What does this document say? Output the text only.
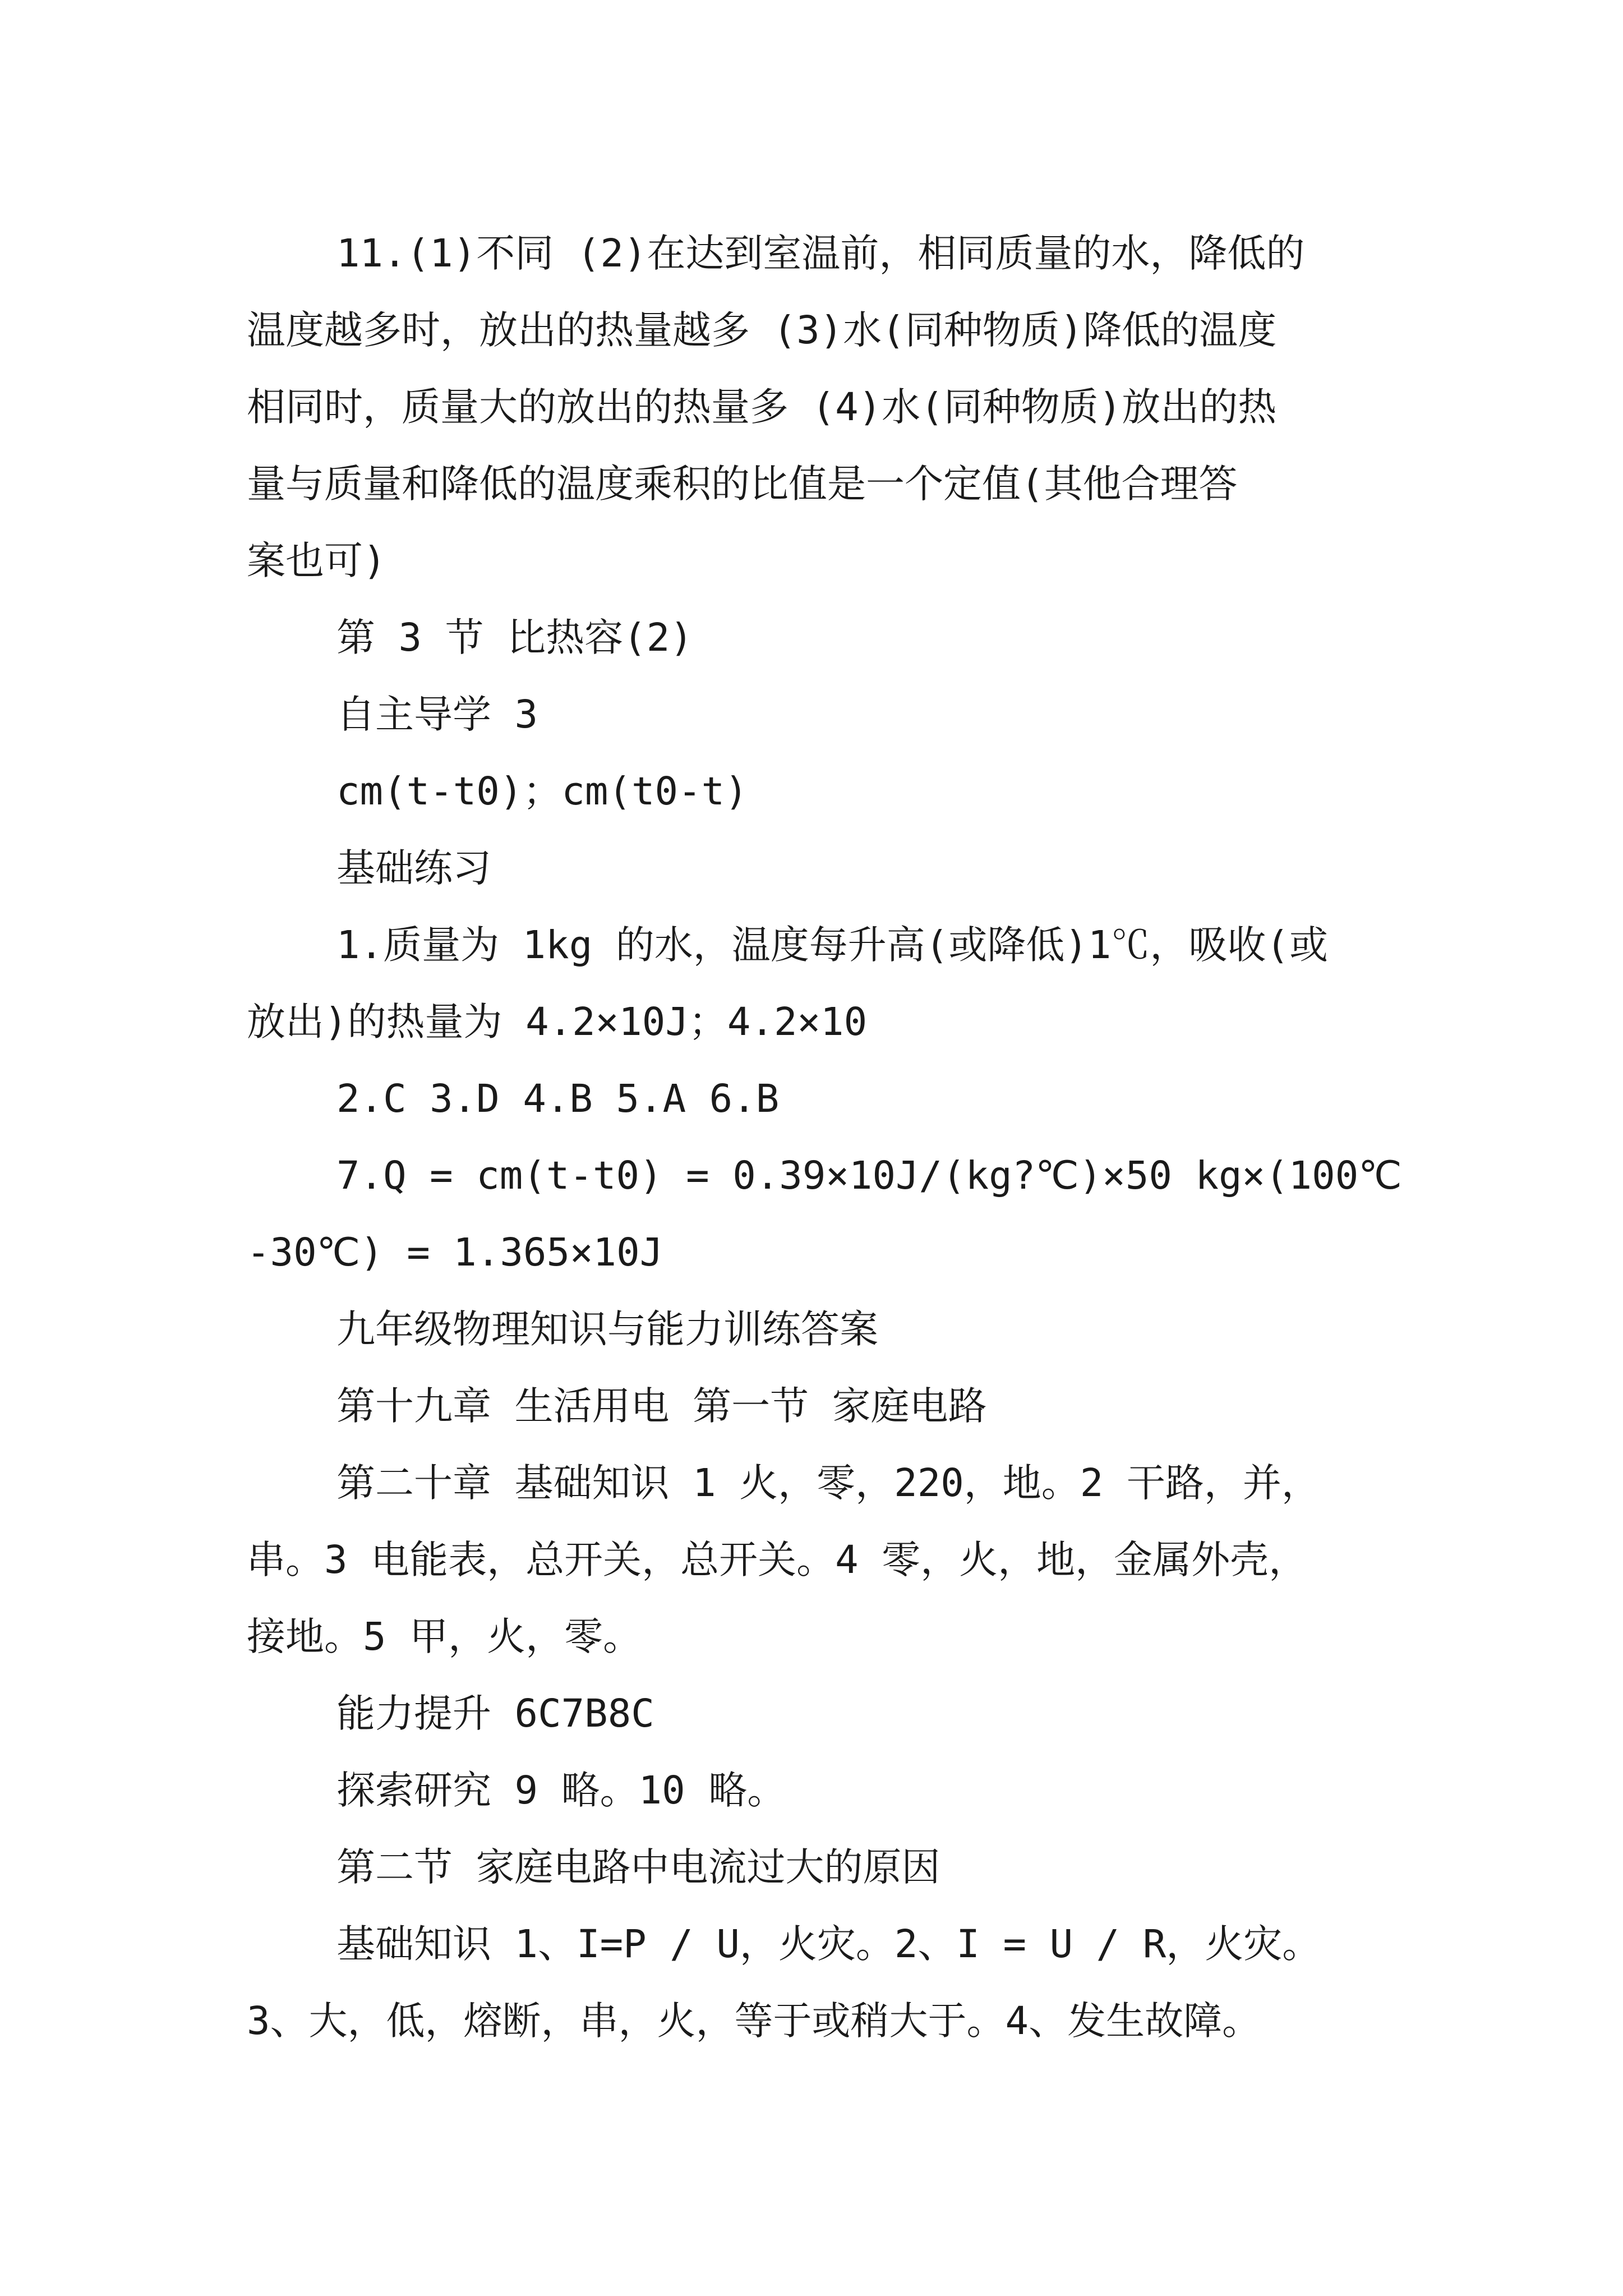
11.(1)不同 (2)在达到室温前，相同质量的水，降低的
温度越多时，放出的热量越多 (3)水(同种物质)降低的温度
相同时，质量大的放出的热量多 (4)水(同种物质)放出的热
量与质量和降低的温度乘积的比值是一个定值(其他合理答
案也可)
第 3 节 比热容(2)
自主导学 3
cm(t-t0)；cm(t0-t)
基础练习
1.质量为 1kg 的水，温度每升高(或降低)1℃，吸收(或
放出)的热量为 4.2×10J；4.2×10
2.C 3.D 4.B 5.A 6.B
7.Q = cm(t-t0) = 0.39×10J/(kg?℃)×50 kg×(100℃
-30℃) = 1.365×10J
九年级物理知识与能力训练答案
第十九章 生活用电 第一节 家庭电路
第二十章 基础知识 1 火，零，220，地。2 干路，并，
串。3 电能表，总开关，总开关。4 零，火，地，金属外壳，
接地。5 甲，火，零。
能力提升 6C7B8C
探索研究 9 略。10 略。
第二节 家庭电路中电流过大的原因
基础知识 1、I=P / U，火灾。2、I = U / R，火灾。
3、大，低，熔断，串，火，等于或稍大于。4、发生故障。
